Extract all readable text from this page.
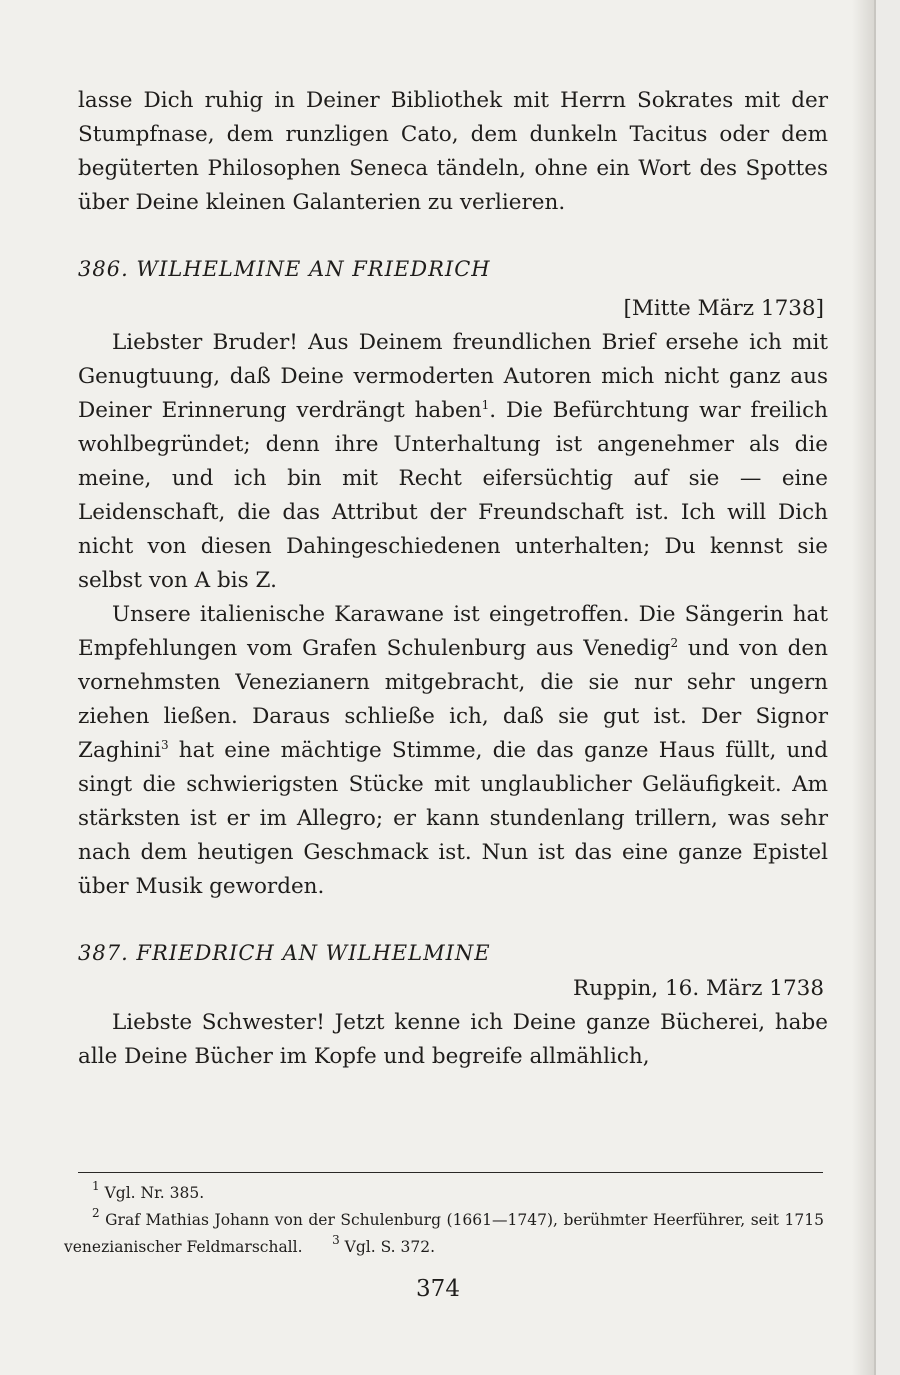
lasse Dich ruhig in Deiner Bibliothek mit Herrn Sokrates mit der Stumpfnase, dem runzligen Cato, dem dunkeln Tacitus oder dem begüterten Philosophen Seneca tändeln, ohne ein Wort des Spottes über Deine kleinen Galanterien zu verlieren.

386. WILHELMINE AN FRIEDRICH

[Mitte März 1738]

Liebster Bruder! Aus Deinem freundlichen Brief ersehe ich mit Genugtuung, daß Deine vermoderten Autoren mich nicht ganz aus Deiner Erinnerung verdrängt haben$^1$. Die Befürchtung war freilich wohlbegründet; denn ihre Unterhaltung ist angenehmer als die meine, und ich bin mit Recht eifersüchtig auf sie — eine Leidenschaft, die das Attribut der Freundschaft ist. Ich will Dich nicht von diesen Dahingeschiedenen unterhalten; Du kennst sie selbst von A bis Z.

Unsere italienische Karawane ist eingetroffen. Die Sängerin hat Empfehlungen vom Grafen Schulenburg aus Venedig$^2$ und von den vornehmsten Venezianern mitgebracht, die sie nur sehr ungern ziehen ließen. Daraus schließe ich, daß sie gut ist. Der Signor Zaghini$^3$ hat eine mächtige Stimme, die das ganze Haus füllt, und singt die schwierigsten Stücke mit unglaublicher Geläufigkeit. Am stärksten ist er im Allegro; er kann stundenlang trillern, was sehr nach dem heutigen Geschmack ist. Nun ist das eine ganze Epistel über Musik geworden.

387. FRIEDRICH AN WILHELMINE

Ruppin, 16. März 1738

Liebste Schwester! Jetzt kenne ich Deine ganze Bücherei, habe alle Deine Bücher im Kopfe und begreife allmählich,

$^1$ Vgl. Nr. 385.

$^2$ Graf Mathias Johann von der Schulenburg (1661—1747), berühmter Heerführer, seit 1715 venezianischer Feldmarschall. $^3$ Vgl. S. 372.

374
